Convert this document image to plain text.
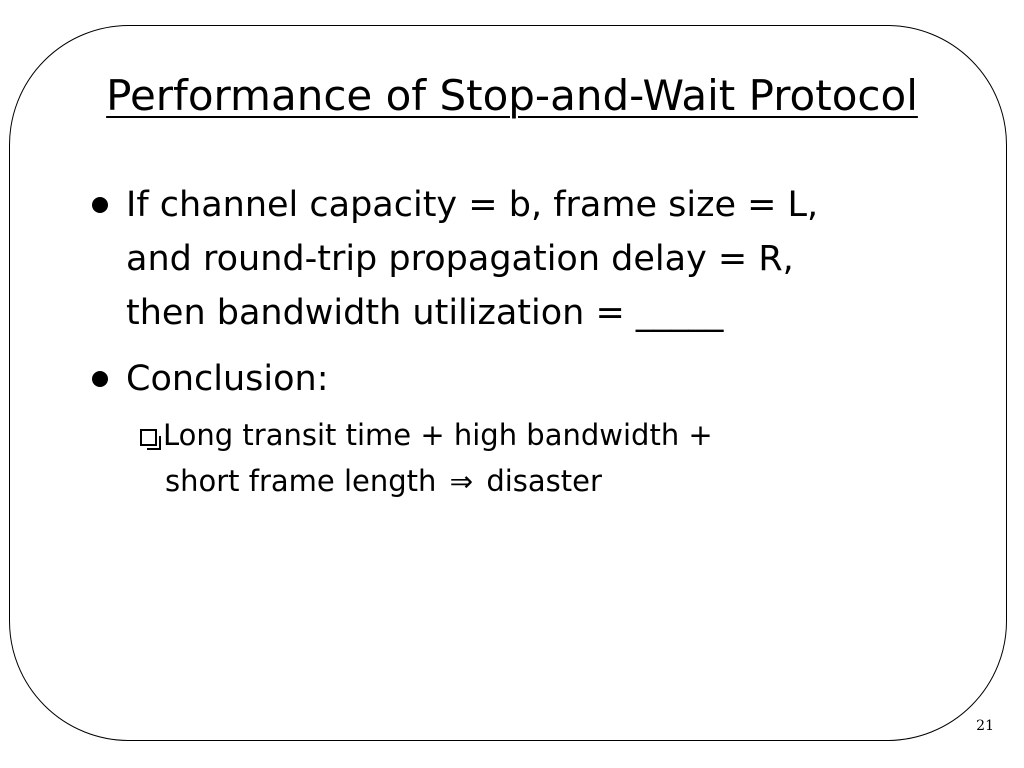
Performance of Stop-and-Wait Protocol
If channel capacity = b, frame size = L,
and round-trip propagation delay = R,
then bandwidth utilization = _____
Conclusion:
Long transit time + high bandwidth +
short frame length ⇒ disaster
21
